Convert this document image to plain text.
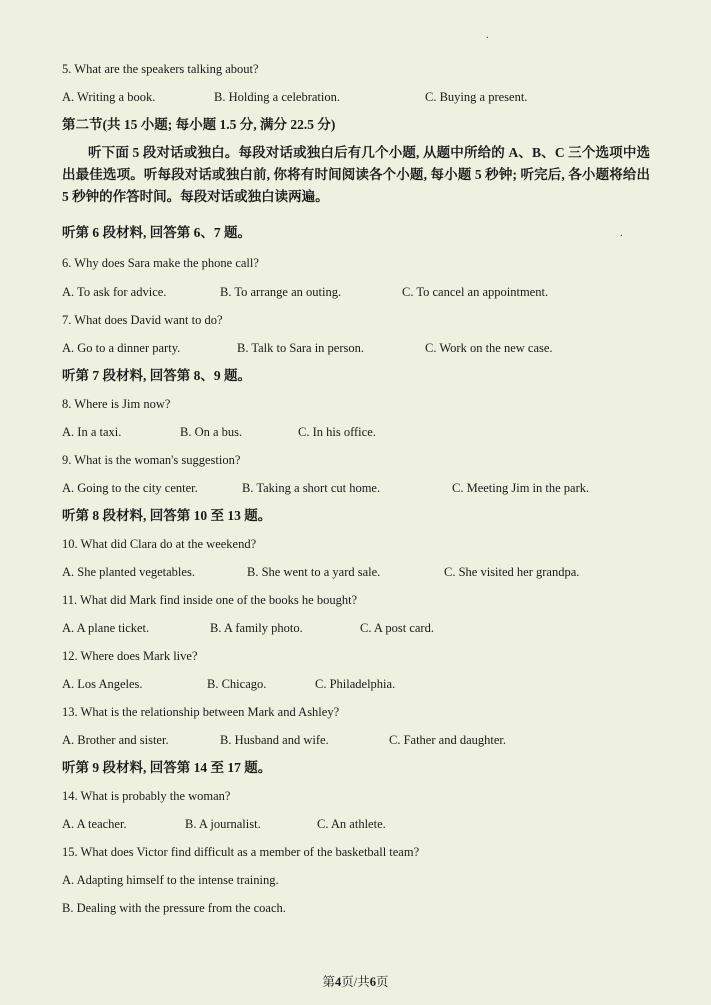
.
.
5. What are the speakers talking about?
A. Writing a book.	B. Holding a celebration.	C. Buying a present.
第二节(共 15 小题; 每小题 1.5 分, 满分 22.5 分)
听下面 5 段对话或独白。每段对话或独白后有几个小题, 从题中所给的 A、B、C 三个选项中选出最佳选项。听每段对话或独白前, 你将有时间阅读各个小题, 每小题 5 秒钟; 听完后, 各小题将给出 5 秒钟的作答时间。每段对话或独白读两遍。
听第 6 段材料, 回答第 6、7 题。
6. Why does Sara make the phone call?
A. To ask for advice.	B. To arrange an outing.	C. To cancel an appointment.
7. What does David want to do?
A. Go to a dinner party.	B. Talk to Sara in person.	C. Work on the new case.
听第 7 段材料, 回答第 8、9 题。
8. Where is Jim now?
A. In a taxi.	B. On a bus.	C. In his office.
9. What is the woman's suggestion?
A. Going to the city center.	B. Taking a short cut home.	C. Meeting Jim in the park.
听第 8 段材料, 回答第 10 至 13 题。
10. What did Clara do at the weekend?
A. She planted vegetables.	B. She went to a yard sale.	C. She visited her grandpa.
11. What did Mark find inside one of the books he bought?
A. A plane ticket.	B. A family photo.	C. A post card.
12. Where does Mark live?
A. Los Angeles.	B. Chicago.	C. Philadelphia.
13. What is the relationship between Mark and Ashley?
A. Brother and sister.	B. Husband and wife.	C. Father and daughter.
听第 9 段材料, 回答第 14 至 17 题。
14. What is probably the woman?
A. A teacher.	B. A journalist.	C. An athlete.
15. What does Victor find difficult as a member of the basketball team?
A. Adapting himself to the intense training.
B. Dealing with the pressure from the coach.
第4页/共6页
